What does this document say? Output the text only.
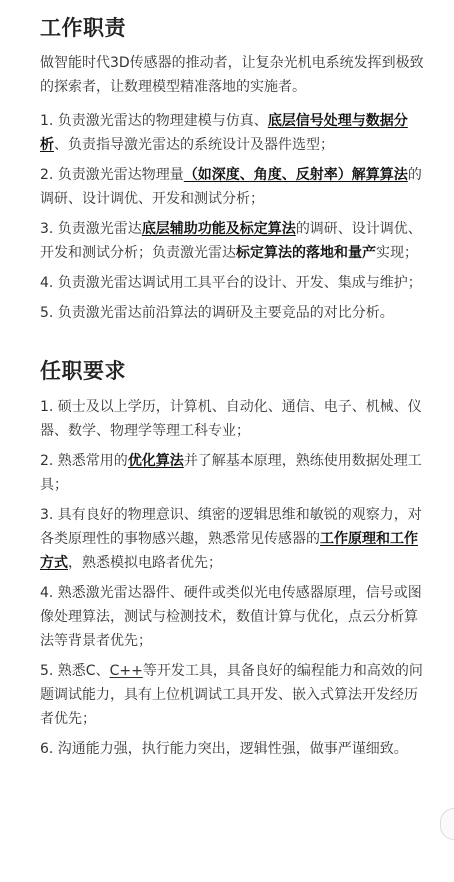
工作职责

做智能时代3D传感器的推动者，让复杂光机电系统发挥到极致的探索者，让数理模型精准落地的实施者。

1. 负责激光雷达的物理建模与仿真、底层信号处理与数据分析、负责指导激光雷达的系统设计及器件选型；

2. 负责激光雷达物理量（如深度、角度、反射率）解算算法的调研、设计调优、开发和测试分析；

3. 负责激光雷达底层辅助功能及标定算法的调研、设计调优、开发和测试分析；负责激光雷达标定算法的落地和量产实现；

4. 负责激光雷达调试用工具平台的设计、开发、集成与维护；

5. 负责激光雷达前沿算法的调研及主要竞品的对比分析。

任职要求

1. 硕士及以上学历，计算机、自动化、通信、电子、机械、仪器、数学、物理学等理工科专业；

2. 熟悉常用的优化算法并了解基本原理，熟练使用数据处理工具；

3. 具有良好的物理意识、缜密的逻辑思维和敏锐的观察力，对各类原理性的事物感兴趣，熟悉常见传感器的工作原理和工作方式，熟悉模拟电路者优先；

4. 熟悉激光雷达器件、硬件或类似光电传感器原理，信号或图像处理算法，测试与检测技术，数值计算与优化，点云分析算法等背景者优先；

5. 熟悉C、C++等开发工具，具备良好的编程能力和高效的问题调试能力，具有上位机调试工具开发、嵌入式算法开发经历者优先；

6. 沟通能力强，执行能力突出，逻辑性强，做事严谨细致。
